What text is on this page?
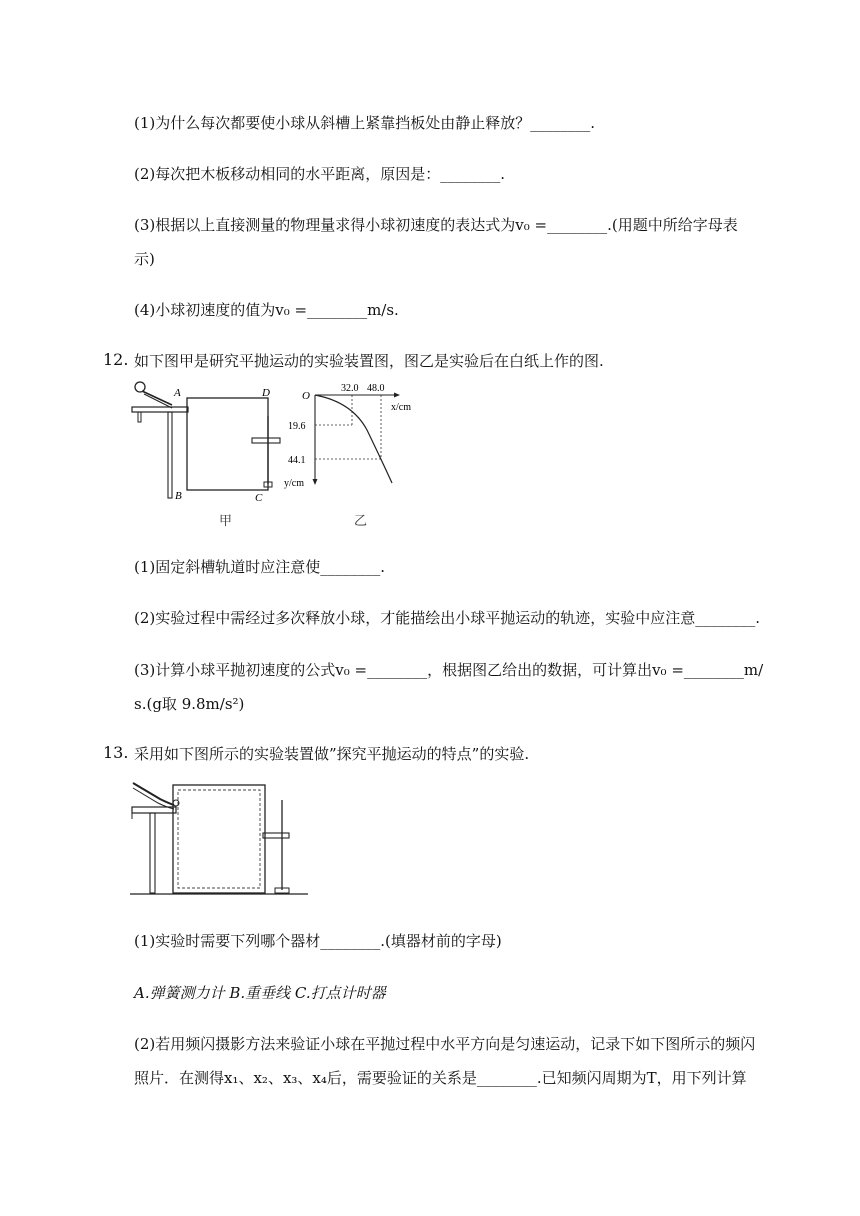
(1)为什么每次都要使小球从斜槽上紧靠挡板处由静止释放？________.
(2)每次把木板移动相同的水平距离，原因是：________.
(3)根据以上直接测量的物理量求得小球初速度的表达式为v₀ =________.(用题中所给字母表
示)
(4)小球初速度的值为v₀ =________m/s.
12. 如下图甲是研究平抛运动的实验装置图，图乙是实验后在白纸上作的图.
A
B	C
D
甲
O
x/cm
y/cm
32.0 48.0
19.6
44.1
乙
(1)固定斜槽轨道时应注意使________.
(2)实验过程中需经过多次释放小球，才能描绘出小球平抛运动的轨迹，实验中应注意________.
(3)计算小球平抛初速度的公式v₀ =________，根据图乙给出的数据，可计算出v₀ =________m/
s.(g取 9.8m/s²)
13. 采用如下图所示的实验装置做”探究平抛运动的特点”的实验.
(1)实验时需要下列哪个器材________.(填器材前的字母)
A.弹簧测力计 B.重垂线 C.打点计时器
(2)若用频闪摄影方法来验证小球在平抛过程中水平方向是匀速运动，记录下如下图所示的频闪
照片．在测得x₁、x₂、x₃、x₄后，需要验证的关系是________.已知频闪周期为T，用下列计算
